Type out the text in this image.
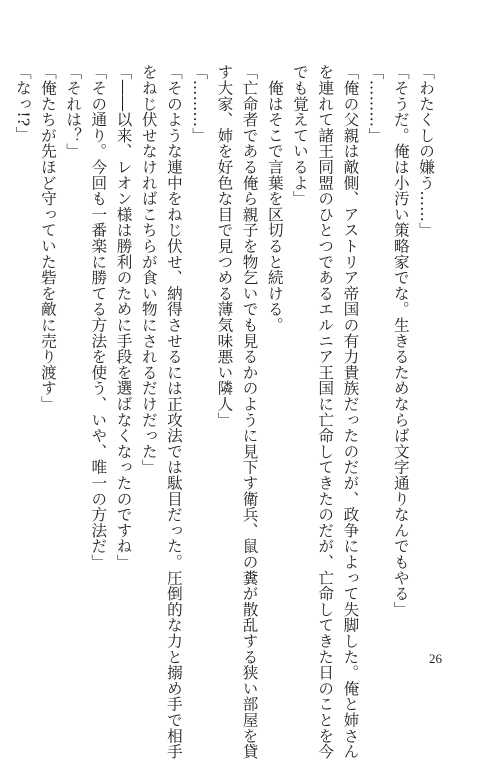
「わたくしの嫌う……」
「そうだ。俺は小汚い策略家でな。生きるためならば文字通りなんでもやる」
「………」
「俺の父親は敵側、アストリア帝国の有力貴族だったのだが、政争によって失脚した。俺と姉さん
を連れて諸王同盟のひとつであるエルニア王国に亡命してきたのだが、亡命してきた日のことを今
でも覚えているよ」
　俺はそこで言葉を区切ると続ける。
「亡命者である俺ら親子を物乞いでも見るかのように見下す衛兵、鼠の糞が散乱する狭い部屋を貸
す大家、姉を好色な目で見つめる薄気味悪い隣人」
「………」
「そのような連中をねじ伏せ、納得させるには正攻法では駄目だった。圧倒的な力と搦め手で相手
をねじ伏せなければこちらが食い物にされるだけだった」
「――以来、レオン様は勝利のために手段を選ばなくなったのですね」
「その通り。今回も一番楽に勝てる方法を使う、いや、唯一の方法だ」
「それは？」
「俺たちが先ほど守っていた砦を敵に売り渡す」
「なっ!?」
26
